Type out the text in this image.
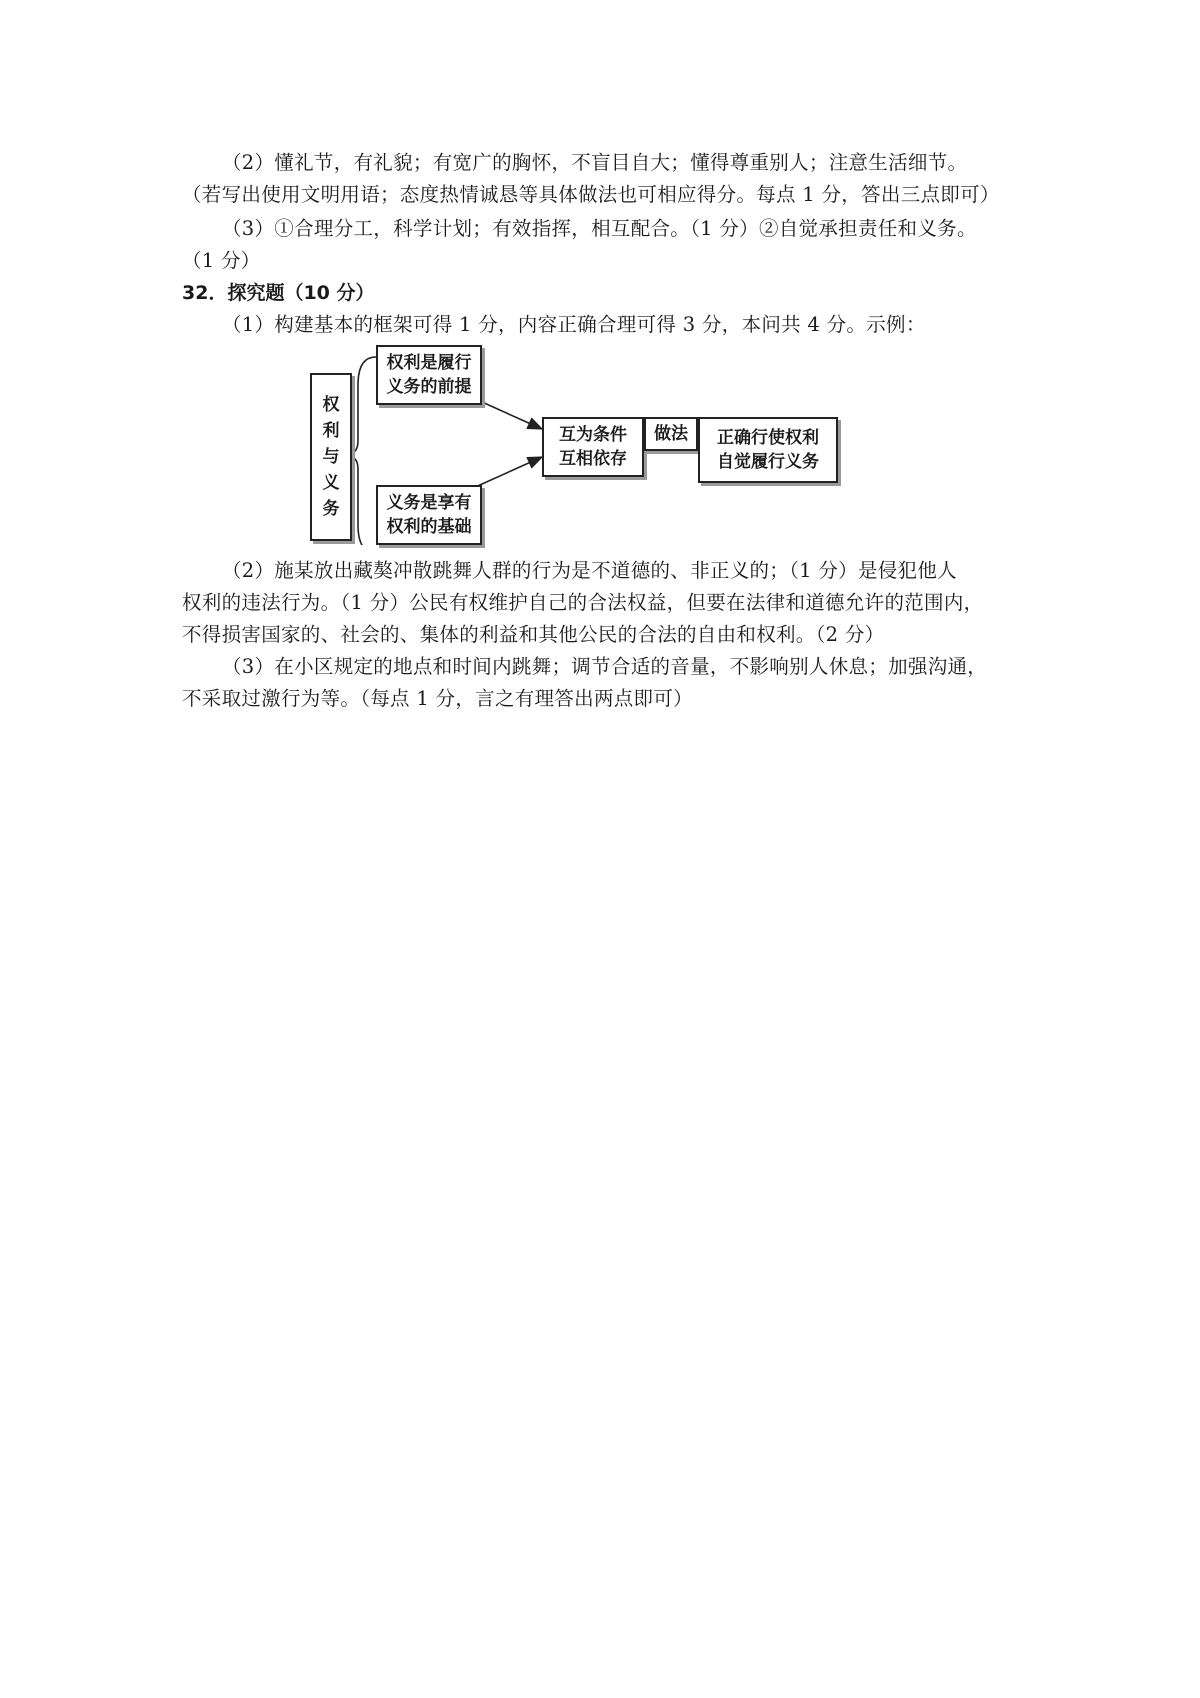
（2）懂礼节，有礼貌；有宽广的胸怀，不盲目自大；懂得尊重别人；注意生活细节。
（若写出使用文明用语；态度热情诚恳等具体做法也可相应得分。每点 1 分，答出三点即可）
（3）①合理分工，科学计划；有效指挥，相互配合。（1 分）②自觉承担责任和义务。
（1 分）
32．探究题（10 分）
（1）构建基本的框架可得 1 分，内容正确合理可得 3 分，本问共 4 分。示例：
权
利
与
义
务
权利是履行
义务的前提
义务是享有
权利的基础
互为条件
互相依存
做法 正确行使权利
自觉履行义务
（2）施某放出藏獒冲散跳舞人群的行为是不道德的、非正义的；（1 分）是侵犯他人
权利的违法行为。（1 分）公民有权维护自己的合法权益，但要在法律和道德允许的范围内，
不得损害国家的、社会的、集体的利益和其他公民的合法的自由和权利。（2 分）
（3）在小区规定的地点和时间内跳舞；调节合适的音量，不影响别人休息；加强沟通，
不采取过激行为等。（每点 1 分，言之有理答出两点即可）
